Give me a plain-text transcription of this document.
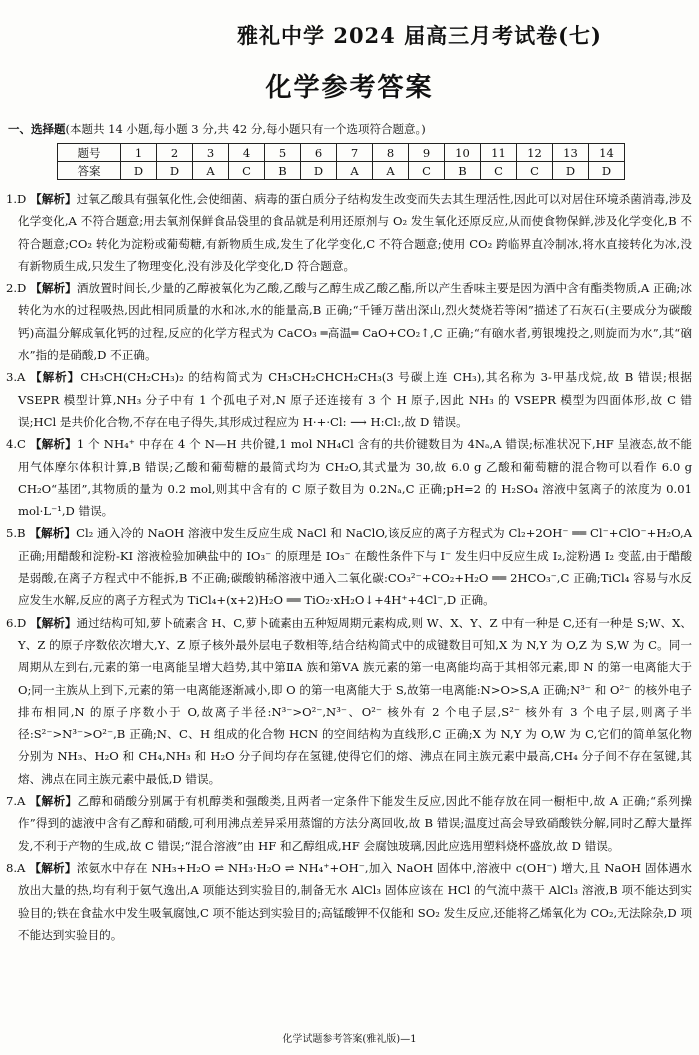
雅礼中学 2024 届高三月考试卷(七)
化学参考答案
一、选择题(本题共 14 小题,每小题 3 分,共 42 分,每小题只有一个选项符合题意。)
题号	1	2	3	4	5	6	7	8	9	10	11	12	13	14
答案	D	D	A	C	B	D	A	A	C	B	C	C	D	D
1.D 【解析】过氧乙酸具有强氧化性,会使细菌、病毒的蛋白质分子结构发生改变而失去其生理活性,因此可以对居住环境杀菌消毒,涉及化学变化,A 不符合题意;用去氧剂保鲜食品袋里的食品就是利用还原剂与 O₂ 发生氧化还原反应,从而使食物保鲜,涉及化学变化,B 不符合题意;CO₂ 转化为淀粉或葡萄糖,有新物质生成,发生了化学变化,C 不符合题意;使用 CO₂ 跨临界直冷制冰,将水直接转化为冰,没有新物质生成,只发生了物理变化,没有涉及化学变化,D 符合题意。
2.D 【解析】酒放置时间长,少量的乙醇被氧化为乙酸,乙酸与乙醇生成乙酸乙酯,所以产生香味主要是因为酒中含有酯类物质,A 正确;冰转化为水的过程吸热,因此相同质量的水和冰,水的能量高,B 正确;“千锤万凿出深山,烈火焚烧若等闲”描述了石灰石(主要成分为碳酸钙)高温分解成氧化钙的过程,反应的化学方程式为 CaCO₃ ═高温═ CaO+CO₂↑,C 正确;“有硇水者,剪银塊投之,则旋而为水”,其“硇水”指的是硝酸,D 不正确。
3.A 【解析】CH₃CH(CH₂CH₃)₂ 的结构简式为 CH₃CH₂CHCH₂CH₃(3 号碳上连 CH₃),其名称为 3-甲基戊烷,故 B 错误;根据 VSEPR 模型计算,NH₃ 分子中有 1 个孤电子对,N 原子还连接有 3 个 H 原子,因此 NH₃ 的 VSEPR 模型为四面体形,故 C 错误;HCl 是共价化合物,不存在电子得失,其形成过程应为 H·+·Cl: ⟶ H:Cl:,故 D 错误。
4.C 【解析】1 个 NH₄⁺ 中存在 4 个 N—H 共价键,1 mol NH₄Cl 含有的共价键数目为 4Nₐ,A 错误;标准状况下,HF 呈液态,故不能用气体摩尔体积计算,B 错误;乙酸和葡萄糖的最简式均为 CH₂O,其式量为 30,故 6.0 g 乙酸和葡萄糖的混合物可以看作 6.0 g CH₂O“基团”,其物质的量为 0.2 mol,则其中含有的 C 原子数目为 0.2Nₐ,C 正确;pH=2 的 H₂SO₄ 溶液中氢离子的浓度为 0.01 mol·L⁻¹,D 错误。
5.B 【解析】Cl₂ 通入冷的 NaOH 溶液中发生反应生成 NaCl 和 NaClO,该反应的离子方程式为 Cl₂+2OH⁻ ══ Cl⁻+ClO⁻+H₂O,A 正确;用醋酸和淀粉-KI 溶液检验加碘盐中的 IO₃⁻ 的原理是 IO₃⁻ 在酸性条件下与 I⁻ 发生归中反应生成 I₂,淀粉遇 I₂ 变蓝,由于醋酸是弱酸,在离子方程式中不能拆,B 不正确;碳酸钠稀溶液中通入二氧化碳:CO₃²⁻+CO₂+H₂O ══ 2HCO₃⁻,C 正确;TiCl₄ 容易与水反应发生水解,反应的离子方程式为 TiCl₄+(x+2)H₂O ══ TiO₂·xH₂O↓+4H⁺+4Cl⁻,D 正确。
6.D 【解析】通过结构可知,萝卜硫素含 H、C,萝卜硫素由五种短周期元素构成,则 W、X、Y、Z 中有一种是 C,还有一种是 S;W、X、Y、Z 的原子序数依次增大,Y、Z 原子核外最外层电子数相等,结合结构简式中的成键数目可知,X 为 N,Y 为 O,Z 为 S,W 为 C。同一周期从左到右,元素的第一电离能呈增大趋势,其中第ⅡA 族和第ⅤA 族元素的第一电离能均高于其相邻元素,即 N 的第一电离能大于 O;同一主族从上到下,元素的第一电离能逐渐减小,即 O 的第一电离能大于 S,故第一电离能:N>O>S,A 正确;N³⁻ 和 O²⁻ 的核外电子排布相同,N 的原子序数小于 O,故离子半径:N³⁻>O²⁻,N³⁻、O²⁻ 核外有 2 个电子层,S²⁻ 核外有 3 个电子层,则离子半径:S²⁻>N³⁻>O²⁻,B 正确;N、C、H 组成的化合物 HCN 的空间结构为直线形,C 正确;X 为 N,Y 为 O,W 为 C,它们的简单氢化物分别为 NH₃、H₂O 和 CH₄,NH₃ 和 H₂O 分子间均存在氢键,使得它们的熔、沸点在同主族元素中最高,CH₄ 分子间不存在氢键,其熔、沸点在同主族元素中最低,D 错误。
7.A 【解析】乙醇和硝酸分别属于有机醇类和强酸类,且两者一定条件下能发生反应,因此不能存放在同一橱柜中,故 A 正确;“系列操作”得到的滤液中含有乙醇和硝酸,可利用沸点差异采用蒸馏的方法分离回收,故 B 错误;温度过高会导致硝酸铁分解,同时乙醇大量挥发,不利于产物的生成,故 C 错误;“混合溶液”由 HF 和乙醇组成,HF 会腐蚀玻璃,因此应选用塑料烧杯盛放,故 D 错误。
8.A 【解析】浓氨水中存在 NH₃+H₂O ⇌ NH₃·H₂O ⇌ NH₄⁺+OH⁻,加入 NaOH 固体中,溶液中 c(OH⁻) 增大,且 NaOH 固体遇水放出大量的热,均有利于氨气逸出,A 项能达到实验目的,制备无水 AlCl₃ 固体应该在 HCl 的气流中蒸干 AlCl₃ 溶液,B 项不能达到实验目的;铁在食盐水中发生吸氧腐蚀,C 项不能达到实验目的;高锰酸钾不仅能和 SO₂ 发生反应,还能将乙烯氧化为 CO₂,无法除杂,D 项不能达到实验目的。
化学试题参考答案(雅礼版)—1
